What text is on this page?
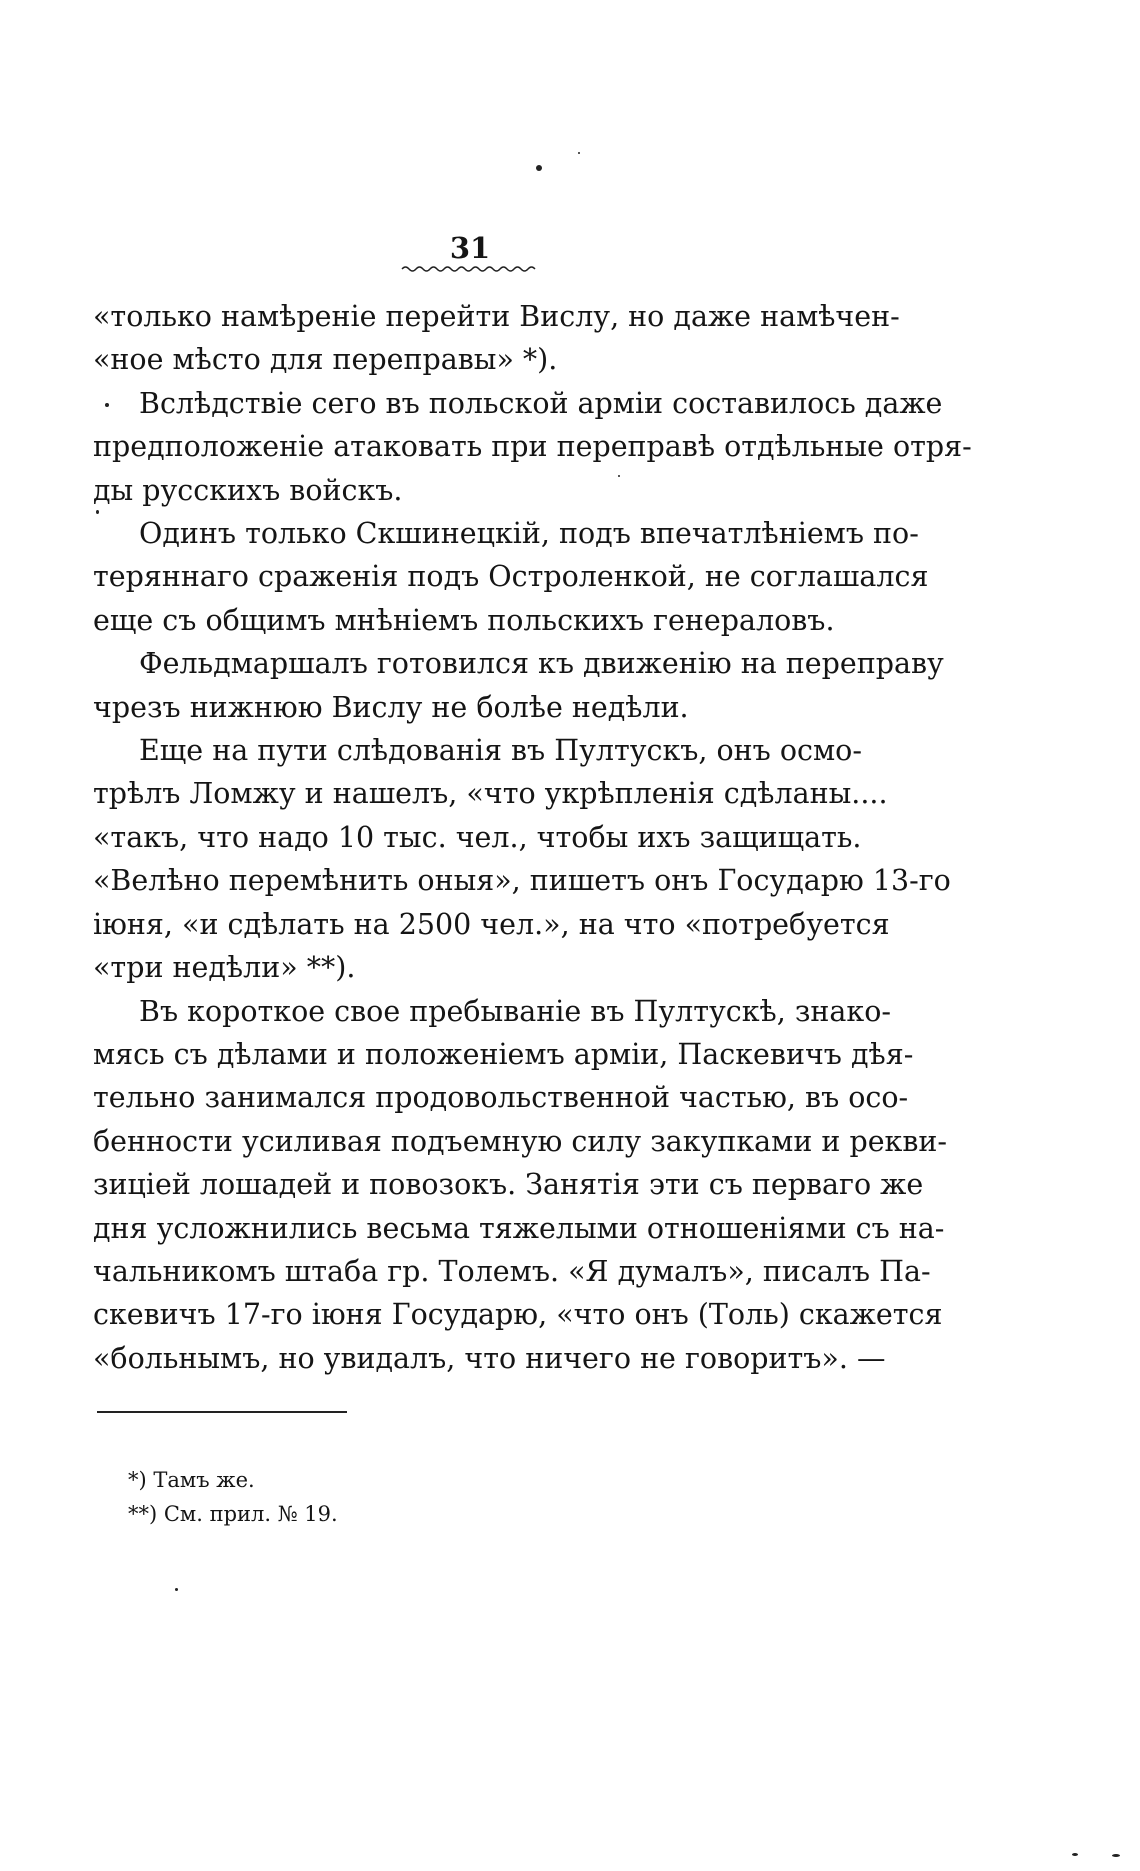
31
«только намѣреніе перейти Вислу, но даже намѣчен-
«ное мѣсто для переправы» *).
Вслѣдствіе сего въ польской арміи составилось даже
предположеніе атаковать при переправѣ отдѣльные отря-
ды русскихъ войскъ.
Одинъ только Скшинецкій, подъ впечатлѣніемъ по-
теряннаго сраженія подъ Остроленкой, не соглашался
еще съ общимъ мнѣніемъ польскихъ генераловъ.
Фельдмаршалъ готовился къ движенію на переправу
чрезъ нижнюю Вислу не болѣе недѣли.
Еще на пути слѣдованія въ Пултускъ, онъ осмо-
трѣлъ Ломжу и нашелъ, «что укрѣпленія сдѣланы....
«такъ, что надо 10 тыс. чел., чтобы ихъ защищать.
«Велѣно перемѣнить оныя», пишетъ онъ Государю 13-го
іюня, «и сдѣлать на 2500 чел.», на что «потребуется
«три недѣли» **).
Въ короткое свое пребываніе въ Пултускѣ, знако-
мясь съ дѣлами и положеніемъ арміи, Паскевичъ дѣя-
тельно занимался продовольственной частью, въ осо-
бенности усиливая подъемную силу закупками и рекви-
зиціей лошадей и повозокъ. Занятія эти съ перваго же
дня усложнились весьма тяжелыми отношеніями съ на-
чальникомъ штаба гр. Толемъ. «Я думалъ», писалъ Па-
скевичъ 17-го іюня Государю, «что онъ (Толь) скажется
«больнымъ, но увидалъ, что ничего не говоритъ». —
*) Тамъ же.
**) См. прил. № 19.
